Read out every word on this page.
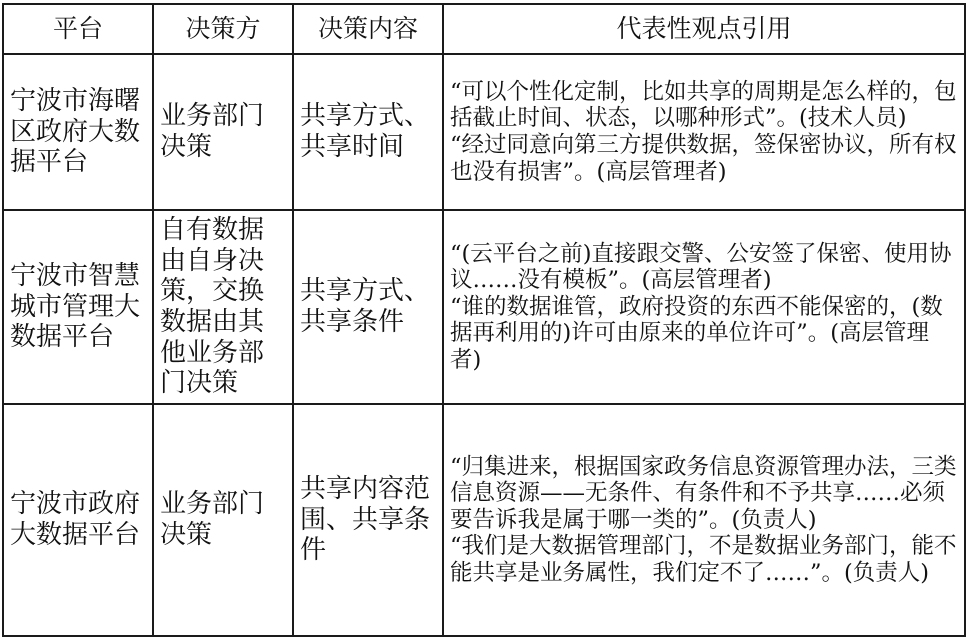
平台	决策方	决策内容	代表性观点引用
宁波市海曙区政府大数据平台	业务部门决策	共享方式、共享时间	“可以个性化定制，比如共享的周期是怎么样的，包括截止时间、状态，以哪种形式”。(技术人员)
“经过同意向第三方提供数据，签保密协议，所有权也没有损害”。(高层管理者)

宁波市智慧城市管理大数据平台	自有数据由自身决策，交换数据由其他业务部门决策	共享方式、共享条件	“(云平台之前)直接跟交警、公安签了保密、使用协议……没有模板”。(高层管理者)
“谁的数据谁管，政府投资的东西不能保密的，(数据再利用的)许可由原来的单位许可”。(高层管理者)

宁波市政府大数据平台	业务部门决策	共享内容范围、共享条件	“归集进来，根据国家政务信息资源管理办法，三类信息资源——无条件、有条件和不予共享……必须要告诉我是属于哪一类的”。(负责人)
“我们是大数据管理部门，不是数据业务部门，能不能共享是业务属性，我们定不了……”。(负责人)
